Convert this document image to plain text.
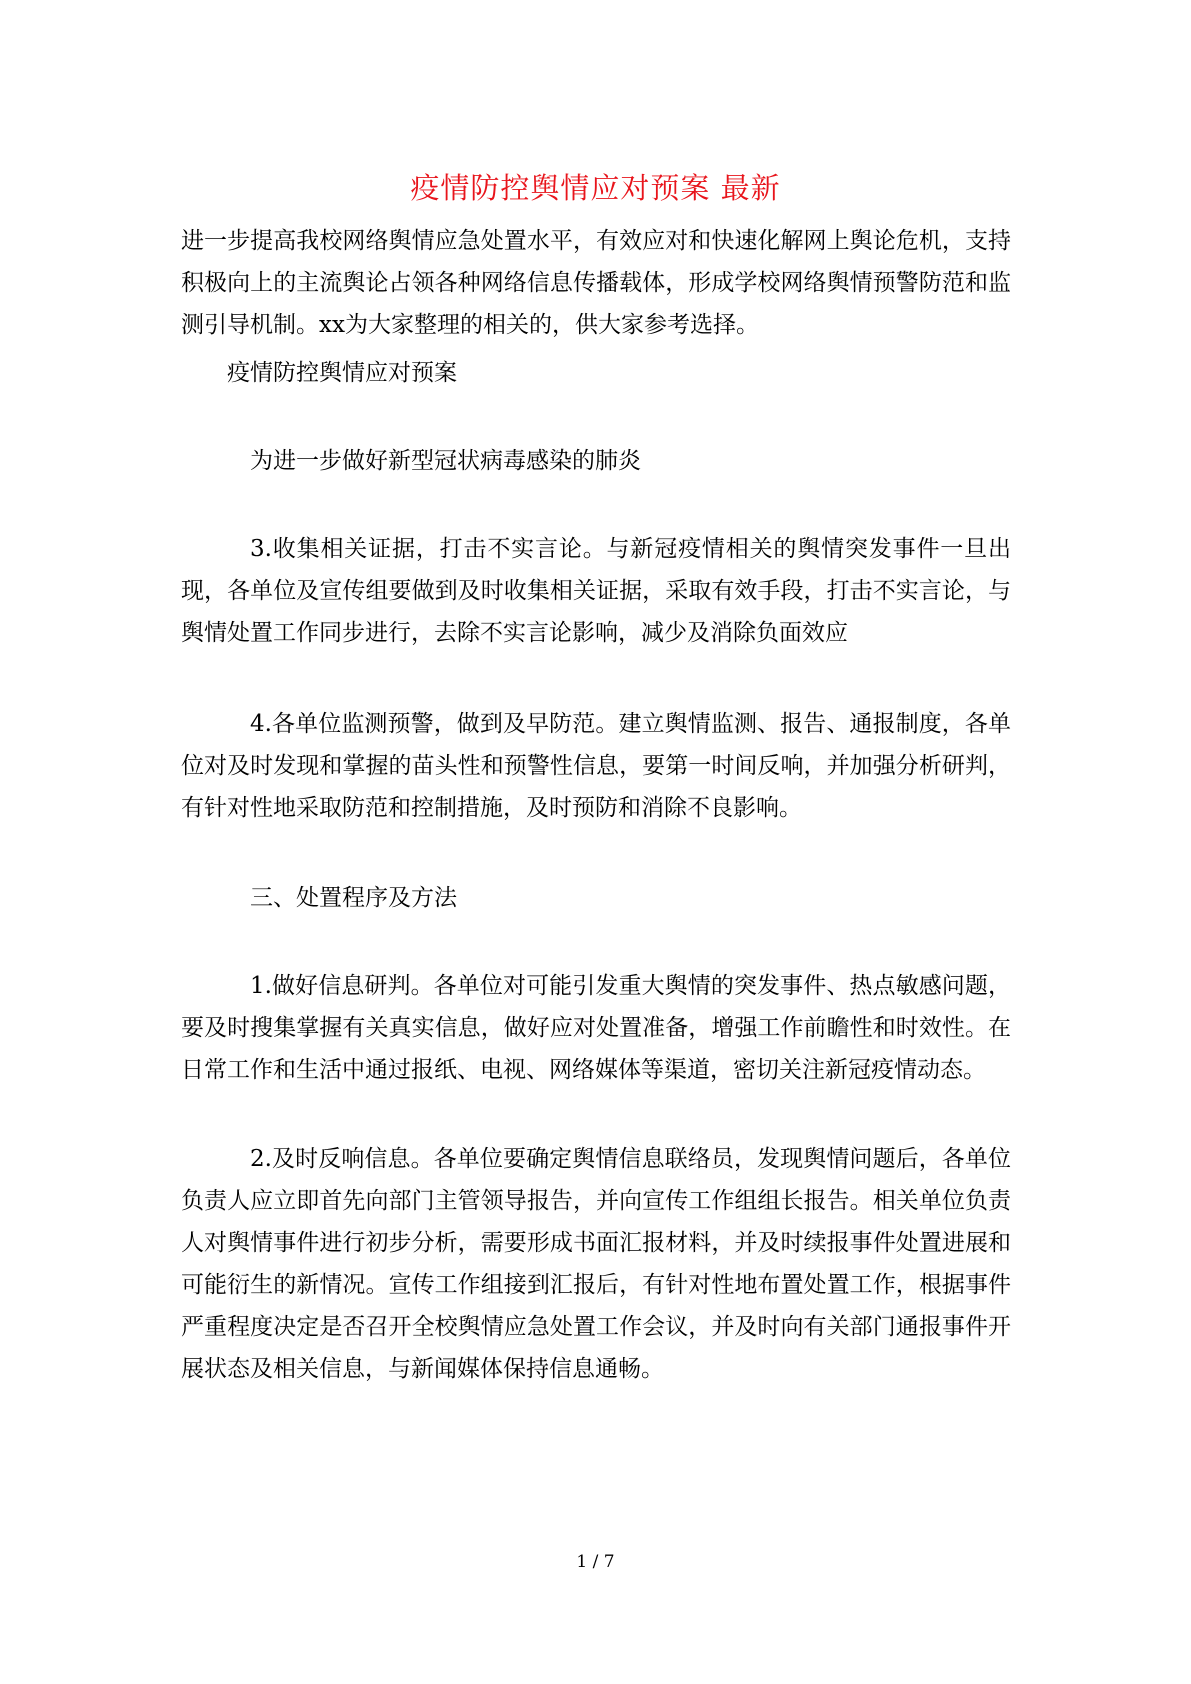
疫情防控舆情应对预案 最新
进一步提高我校网络舆情应急处置水平，有效应对和快速化解网上舆论危机，支持积极向上的主流舆论占领各种网络信息传播载体，形成学校网络舆情预警防范和监测引导机制。xx为大家整理的相关的，供大家参考选择。
疫情防控舆情应对预案
为进一步做好新型冠状病毒感染的肺炎
3.收集相关证据，打击不实言论。与新冠疫情相关的舆情突发事件一旦出现，各单位及宣传组要做到及时收集相关证据，采取有效手段，打击不实言论，与舆情处置工作同步进行，去除不实言论影响，减少及消除负面效应
4.各单位监测预警，做到及早防范。建立舆情监测、报告、通报制度，各单位对及时发现和掌握的苗头性和预警性信息，要第一时间反响，并加强分析研判，有针对性地采取防范和控制措施，及时预防和消除不良影响。
三、处置程序及方法
1.做好信息研判。各单位对可能引发重大舆情的突发事件、热点敏感问题，要及时搜集掌握有关真实信息，做好应对处置准备，增强工作前瞻性和时效性。在日常工作和生活中通过报纸、电视、网络媒体等渠道，密切关注新冠疫情动态。
2.及时反响信息。各单位要确定舆情信息联络员，发现舆情问题后，各单位负责人应立即首先向部门主管领导报告，并向宣传工作组组长报告。相关单位负责人对舆情事件进行初步分析，需要形成书面汇报材料，并及时续报事件处置进展和可能衍生的新情况。宣传工作组接到汇报后，有针对性地布置处置工作，根据事件严重程度决定是否召开全校舆情应急处置工作会议，并及时向有关部门通报事件开展状态及相关信息，与新闻媒体保持信息通畅。
1 / 7
